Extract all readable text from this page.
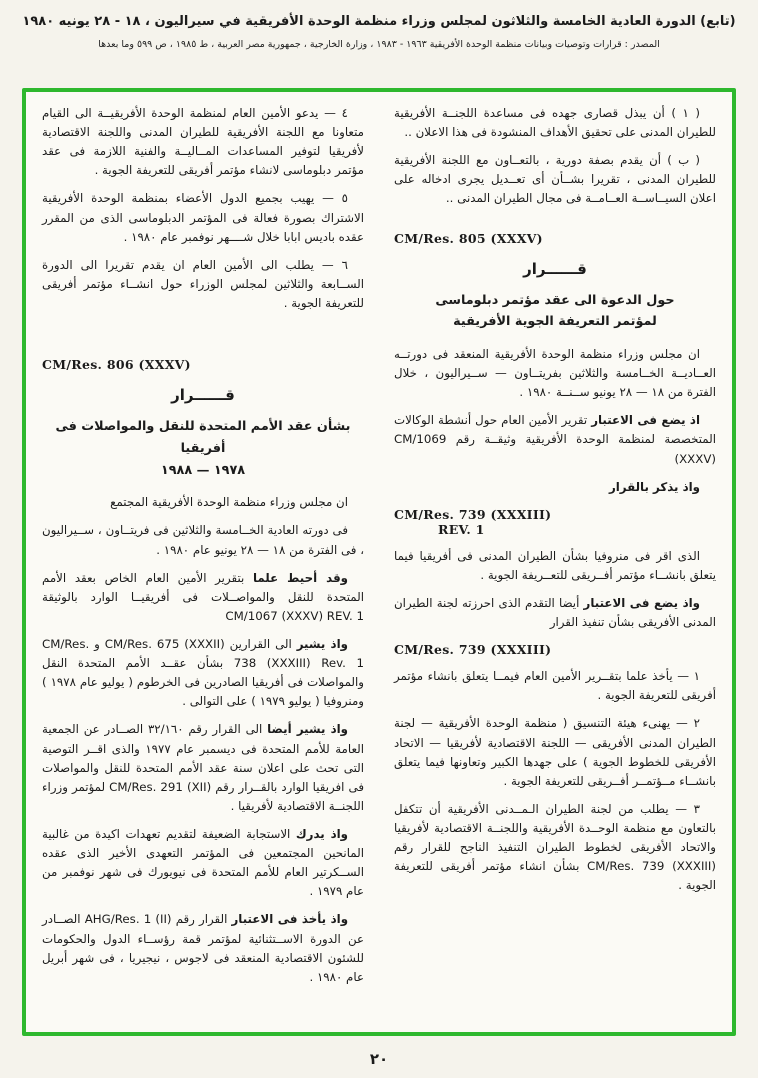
(تابع) الدورة العادية الخامسة والثلاثون لمجلس وزراء منظمة الوحدة الأفريقية في سيراليون ، ١٨ - ٢٨ يونيه ١٩٨٠
المصدر : قرارات وتوصيات وبيانات منظمة الوحدة الأفريقية ١٩٦٣ - ١٩٨٣ ، وزارة الخارجية ، جمهورية مصر العربية ، ط ١٩٨٥ ، ص ٥٩٩ وما بعدها

( ١ ) أن يبذل قصارى جهده فى مساعدة اللجنــة الأفريقية للطيران المدنى على تحقيق الأهداف المنشودة فى هذا الاعلان ..

( ب ) أن يقدم بصفة دورية ، بالتعــاون مع اللجنة الأفريقية للطيران المدنى ، تقريرا بشــأن أى تعــديل يجرى ادخاله على اعلان السيــاســة العــامــة فى مجال الطيران المدنى ..

CM/Res. 805 (XXXV)

قــــــرار
حول الدعوة الى عقد مؤتمر دبلوماسى
لمؤتمر التعريفة الجوية الأفريقية

ان مجلس وزراء منظمة الوحدة الأفريقية المنعقد فى دورتــه العــاديــة الخــامسة والثلاثين بفريتــاون — ســيراليون ، خلال الفترة من ١٨ — ٢٨ يونيو ســنــة ١٩٨٠ .

اذ يضع فى الاعتبار تقرير الأمين العام حول أنشطة الوكالات المتخصصة لمنظمة الوحدة الأفريقية وثيقــة رقم CM/1069 (XXXV)

واذ يذكر بالقرار

CM/Res. 739 (XXXIII)
REV. 1

الذى اقر فى منروفيا بشأن الطيران المدنى فى أفريقيا فيما يتعلق بانشــاء مؤتمر أفــريقى للتعــريفة الجوية .

واذ يضع فى الاعتبار أيضا التقدم الذى احرزته لجنة الطيران المدنى الأفريقى بشأن تنفيذ القرار

CM/Res. 739 (XXXIII)

١ — يأخذ علما بتقــرير الأمين العام فيمــا يتعلق بانشاء مؤتمر أفريقى للتعريفة الجوية .

٢ — يهنىء هيئة التنسيق ( منظمة الوحدة الأفريقية — لجنة الطيران المدنى الأفريقى — اللجنة الاقتصادية لأفريقيا — الاتحاد الأفريقى للخطوط الجوية ) على جهدها الكبير وتعاونها فيما يتعلق بانشــاء مــؤتمــر أفــريقى للتعريفة الجوية .

٣ — يطلب من لجنة الطيران الـمــدنى الأفريقية أن تتكفل بالتعاون مع منظمة الوحــدة الأفريقية واللجنــة الاقتصادية لأفريقيا والاتحاد الأفريقى لخطوط الطيران التنفيذ الناجح للقرار رقم CM/Res. 739 (XXXIII) بشأن انشاء مؤتمر أفريقى للتعريفة الجوية .

٤ — يدعو الأمين العام لمنظمة الوحدة الأفريقيــة الى القيام متعاونا مع اللجنة الأفريقية للطيران المدنى واللجنة الاقتصادية لأفريقيا لتوفير المساعدات المــاليــة والفنية اللازمة فى عقد مؤتمر دبلوماسى لانشاء مؤتمر أفريقى للتعريفة الجوية .

٥ — يهيب بجميع الدول الأعضاء بمنظمة الوحدة الأفريقية الاشتراك بصورة فعالة فى المؤتمر الدبلوماسى الذى من المقرر عقده باديس ابابا خلال شــــهر نوفمبر عام ١٩٨٠ .

٦ — يطلب الى الأمين العام ان يقدم تقريرا الى الدورة الســابعة والثلاثين لمجلس الوزراء حول انشــاء مؤتمر أفريقى للتعريفة الجوية .

CM/Res. 806 (XXXV)

قــــــرار
بشأن عقد الأمم المتحدة للنقل والمواصلات فى أفريقيا
١٩٧٨ — ١٩٨٨

ان مجلس وزراء منظمة الوحدة الأفريقية المجتمع

فى دورته العادية الخــامسة والثلاثين فى فريتــاون ، ســيراليون ، فى الفترة من ١٨ — ٢٨ يونيو عام ١٩٨٠ .

وقد أحيط علما بتقرير الأمين العام الخاص بعقد الأمم المتحدة للنقل والمواصــلات فى أفريقيــا الوارد بالوثيقة CM/1067 (XXXV) REV. 1

واذ يشير الى القرارين CM/Res. 675 (XXXII) و CM/Res. 738 (XXXIII) Rev. 1 بشأن عقــد الأمم المتحدة النقل والمواصلات فى أفريقيا الصادرين فى الخرطوم ( يوليو عام ١٩٧٨ ) ومنروفيا ( يوليو ١٩٧٩ ) على التوالى .

واذ يشير أيضا الى القرار رقم ٣٢/١٦٠ الصــادر عن الجمعية العامة للأمم المتحدة فى ديسمبر عام ١٩٧٧ والذى اقــر التوصية التى تحث على اعلان سنة عقد الأمم المتحدة للنقل والمواصلات فى افريقيا الوارد بالقــرار رقم CM/Res. 291 (XII) لمؤتمر وزراء اللجنــة الاقتصادية لأفريقيا .

واذ يدرك الاستجابة الضعيفة لتقديم تعهدات اكيدة من غالبية المانحين المجتمعين فى المؤتمر التعهدى الأخير الذى عقده الســكرتير العام للأمم المتحدة فى نيويورك فى شهر نوفمبر من عام ١٩٧٩ .

واذ يأخذ فى الاعتبار القرار رقم AHG/Res. 1 (II) الصــادر عن الدورة الاســتثنائية لمؤتمر قمة رؤســاء الدول والحكومات للشئون الاقتصادية المنعقد فى لاجوس ، نيجيريا ، فى شهر أبريل عام ١٩٨٠ .

٢٠
